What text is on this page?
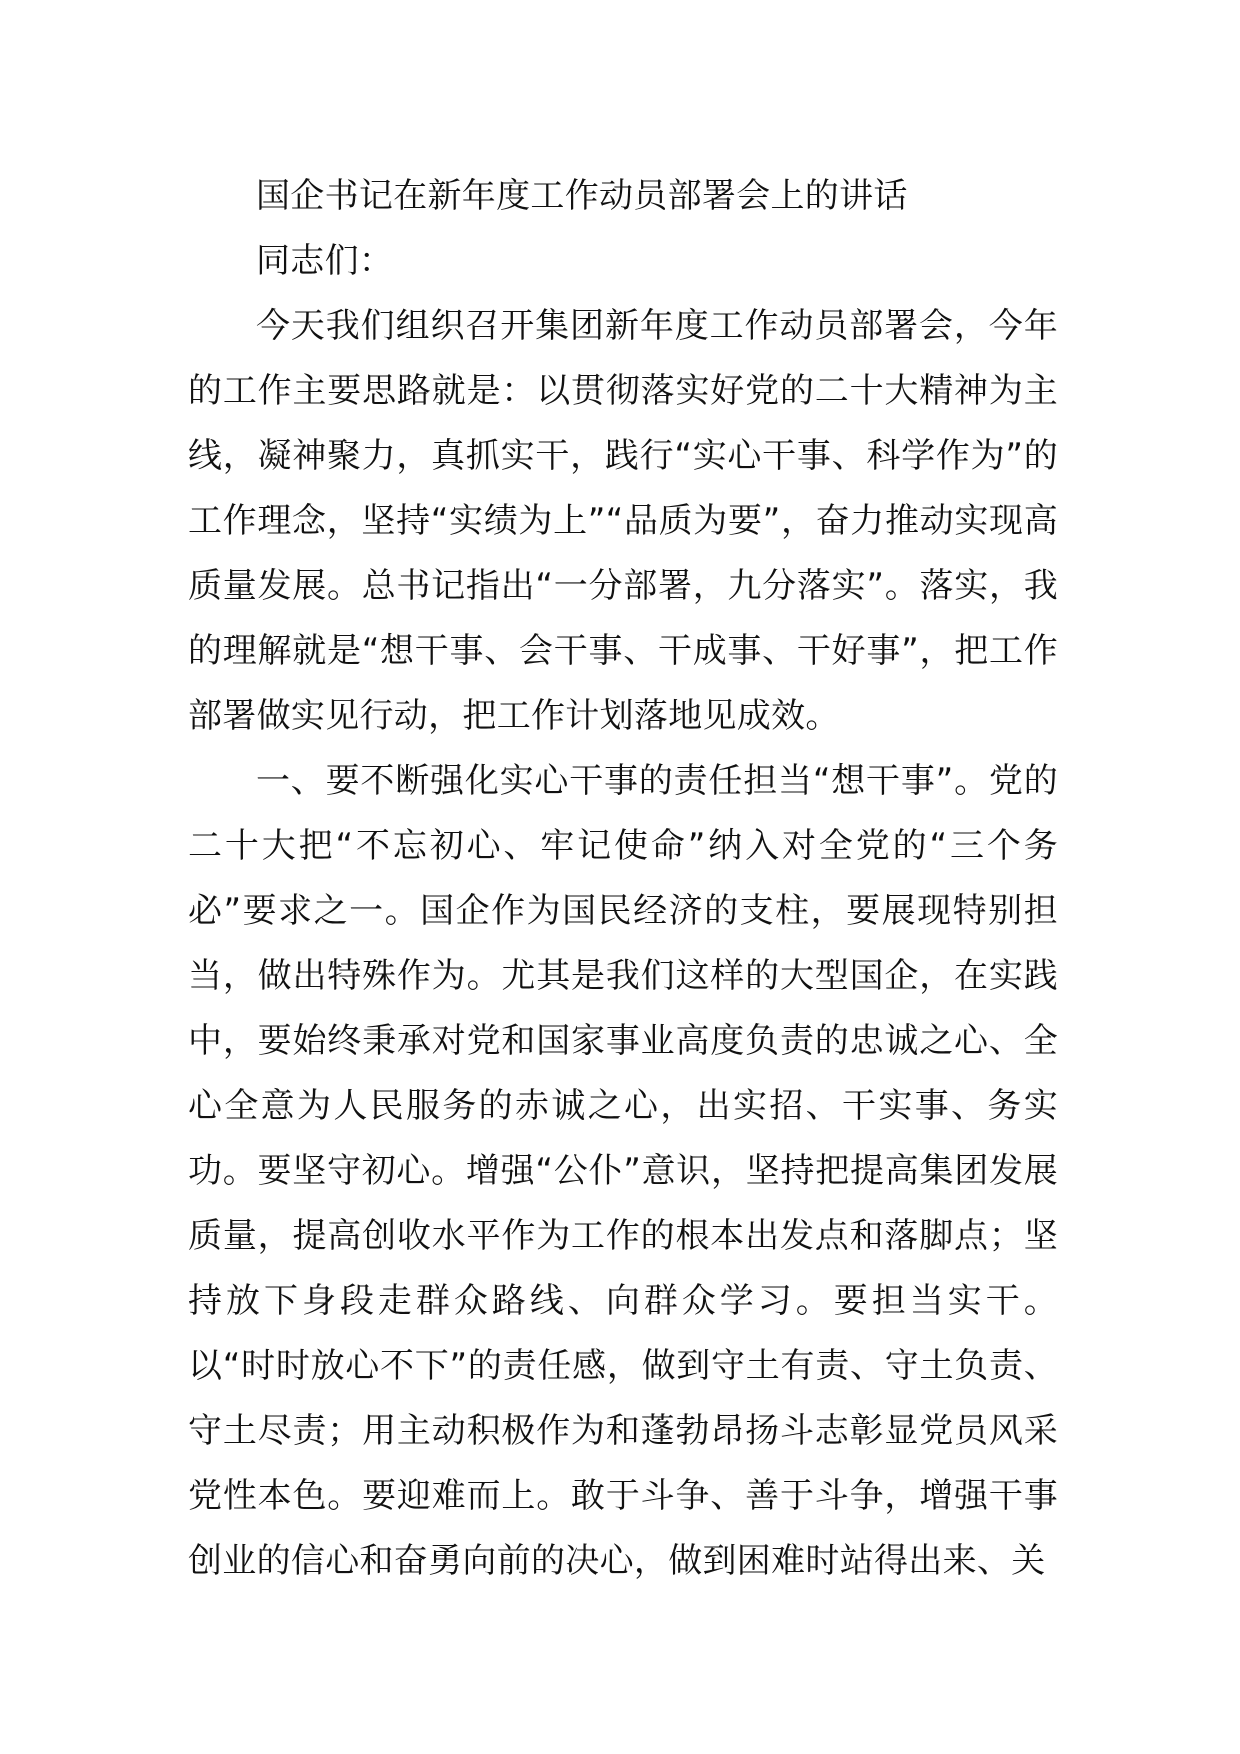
国企书记在新年度工作动员部署会上的讲话

同志们：

今天我们组织召开集团新年度工作动员部署会，今年的工作主要思路就是：以贯彻落实好党的二十大精神为主线，凝神聚力，真抓实干，践行“实心干事、科学作为”的工作理念，坚持“实绩为上”“品质为要”，奋力推动实现高质量发展。总书记指出“一分部署，九分落实”。落实，我的理解就是“想干事、会干事、干成事、干好事”，把工作部署做实见行动，把工作计划落地见成效。

一、要不断强化实心干事的责任担当“想干事”。党的二十大把“不忘初心、牢记使命”纳入对全党的“三个务必”要求之一。国企作为国民经济的支柱，要展现特别担当，做出特殊作为。尤其是我们这样的大型国企，在实践中，要始终秉承对党和国家事业高度负责的忠诚之心、全心全意为人民服务的赤诚之心，出实招、干实事、务实功。要坚守初心。增强“公仆”意识，坚持把提高集团发展质量，提高创收水平作为工作的根本出发点和落脚点；坚持放下身段走群众路线、向群众学习。要担当实干。以“时时放心不下”的责任感，做到守土有责、守土负责、守土尽责；用主动积极作为和蓬勃昂扬斗志彰显党员风采党性本色。要迎难而上。敢于斗争、善于斗争，增强干事创业的信心和奋勇向前的决心，做到困难时站得出来、关
